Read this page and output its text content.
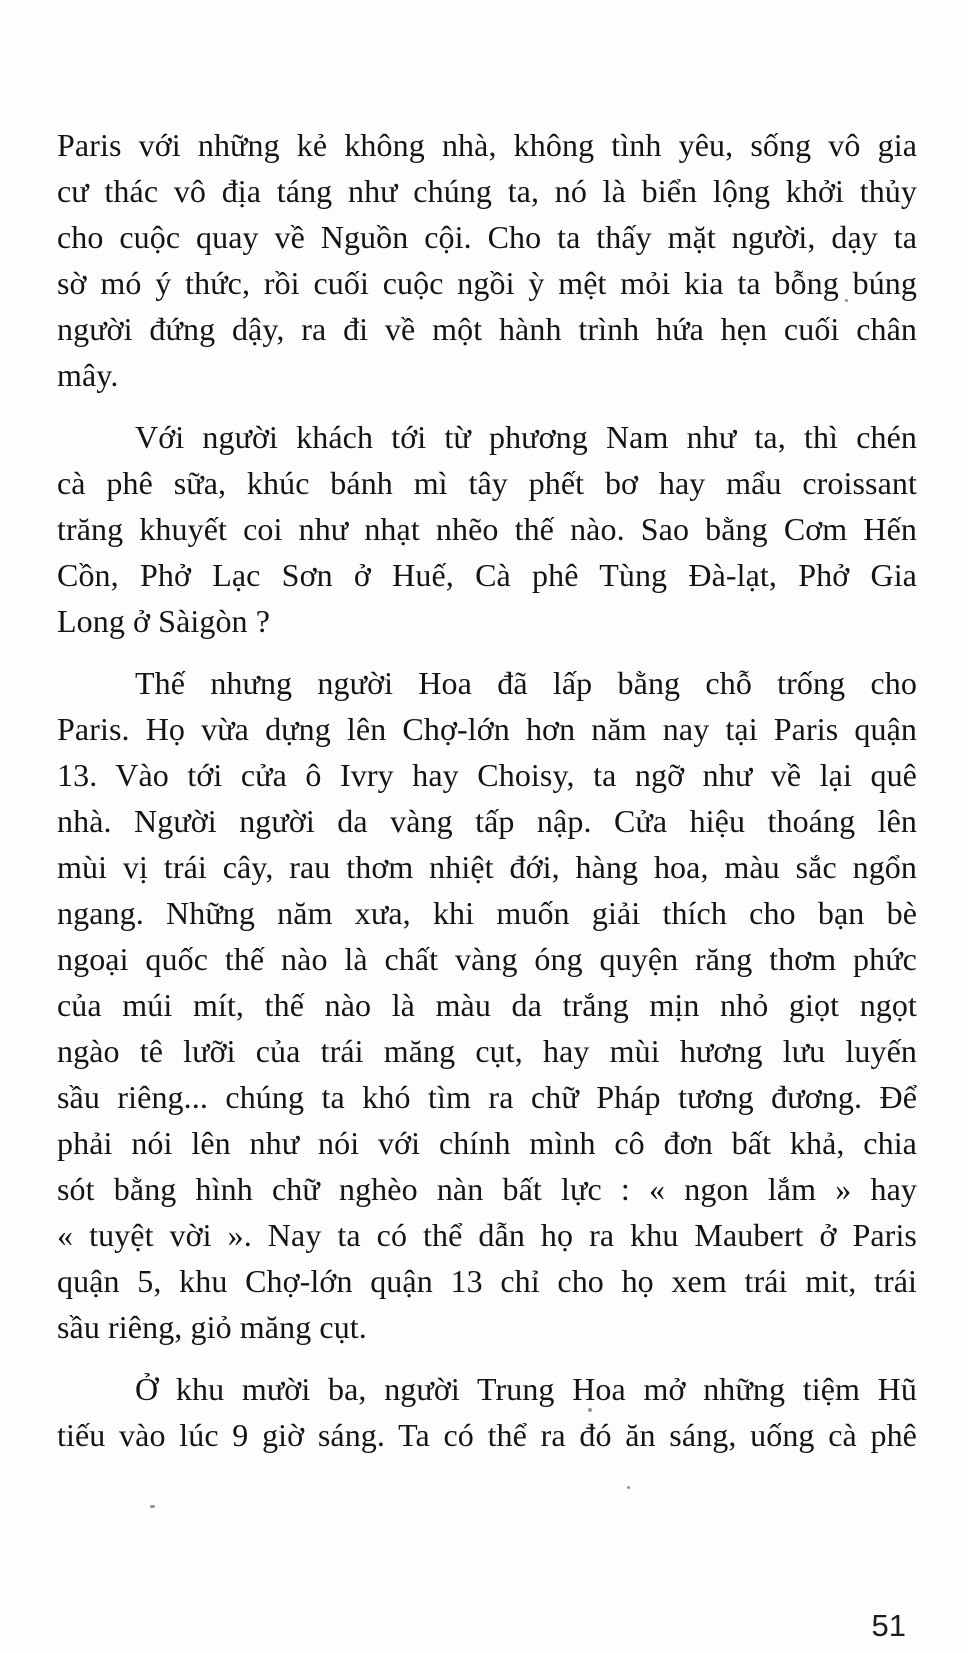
Paris với những kẻ không nhà, không tình yêu, sống vô gia
cư thác vô địa táng như chúng ta, nó là biển lộng khởi thủy
cho cuộc quay về Nguồn cội. Cho ta thấy mặt người, dạy ta
sờ mó ý thức, rồi cuối cuộc ngồi ỳ mệt mỏi kia ta bỗng búng
người đứng dậy, ra đi về một hành trình hứa hẹn cuối chân
mây.
Với người khách tới từ phương Nam như ta, thì chén
cà phê sữa, khúc bánh mì tây phết bơ hay mẩu croissant
trăng khuyết coi như nhạt nhẽo thế nào. Sao bằng Cơm Hến
Cồn, Phở Lạc Sơn ở Huế, Cà phê Tùng Đà-lạt, Phở Gia
Long ở Sàigòn ?
Thế nhưng người Hoa đã lấp bằng chỗ trống cho
Paris. Họ vừa dựng lên Chợ-lớn hơn năm nay tại Paris quận
13. Vào tới cửa ô Ivry hay Choisy, ta ngỡ như về lại quê
nhà. Người người da vàng tấp nập. Cửa hiệu thoáng lên
mùi vị trái cây, rau thơm nhiệt đới, hàng hoa, màu sắc ngổn
ngang. Những năm xưa, khi muốn giải thích cho bạn bè
ngoại quốc thế nào là chất vàng óng quyện răng thơm phức
của múi mít, thế nào là màu da trắng mịn nhỏ giọt ngọt
ngào tê lưỡi của trái măng cụt, hay mùi hương lưu luyến
sầu riêng... chúng ta khó tìm ra chữ Pháp tương đương. Để
phải nói lên như nói với chính mình cô đơn bất khả, chia
sót bằng hình chữ nghèo nàn bất lực : « ngon lắm » hay
« tuyệt vời ». Nay ta có thể dẫn họ ra khu Maubert ở Paris
quận 5, khu Chợ-lớn quận 13 chỉ cho họ xem trái mit, trái
sầu riêng, giỏ măng cụt.
Ở khu mười ba, người Trung Hoa mở những tiệm Hũ
tiếu vào lúc 9 giờ sáng. Ta có thể ra đó ăn sáng, uống cà phê
51
